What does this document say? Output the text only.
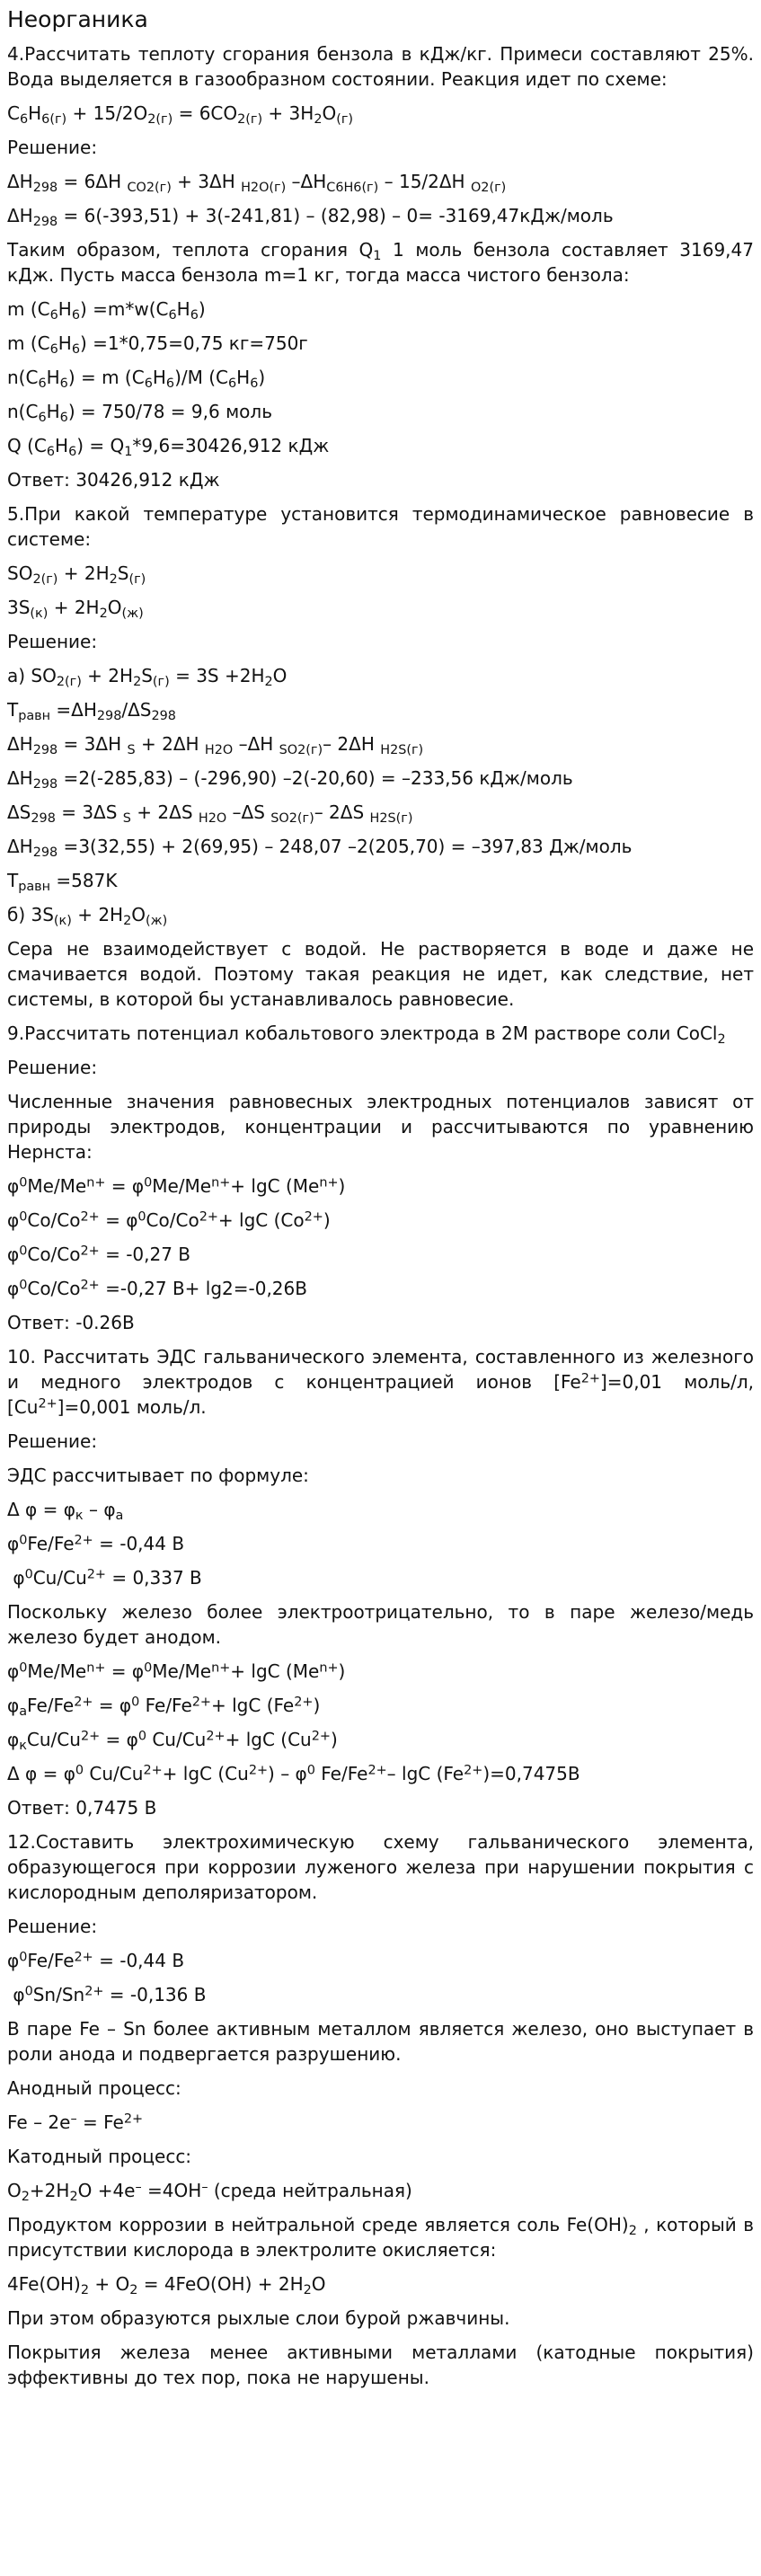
Неорганика

4.Рассчитать теплоту сгорания бензола в кДж/кг. Примеси составляют 25%. Вода выделяется в газообразном состоянии. Реакция идет по схеме:

$C_6H_{6(г)} + 15/2O_{2(г)} = 6CO_{2(г)} + 3H_2O_{(г)}$

Решение:

$\Delta H_{298} = 6\Delta H$ $_{CO2(г)}$ + 3ΔH $_{H2O(г)}$ $-\Delta H_{C6H6(г)} - 15/2\Delta H$ $_{O2(г)}$

$\Delta H_{298} = 6(-393,51) + 3(-241,81) - (82,98) - 0=$ -3169,47кДж/моль

Таким образом, теплота сгорания $Q_1$ 1 моль бензола составляет 3169,47 кДж. Пусть масса бензола m=1 кг, тогда масса чистого бензола:

m $(C_6H_6) =m*w(C_6H_6)$

m $(C_6H_6) =1*0,75=0,75$ кг=750г

$n(C_6H_6) = m$ $(C_6H_6)/M$ $(C_6H_6)$

$n(C_6H_6) = 750/78 = 9,6$ моль

Q $(C_6H_6) = Q_1*9,6=30426,912$ кДж

Ответ: 30426,912 кДж

5.При какой температуре установится термодинамическое равновесие в системе:

$SO_{2(г)} + 2H_2S_{(г)}$

$3S_{(к)} + 2H_2O_{(ж)}$

Решение:

а) $SO_{2(г)} + 2H_2S_{(г)} = 3S +2H_2O$

$T_{равн} =\Delta H_{298}/\Delta S_{298}$

$\Delta H_{298} = 3\Delta H$ $_S$ + 2ΔH $_{H2O}$ –ΔH $_{SO2(г)}$– 2ΔH $_{H2S(г)}$

$\Delta H_{298} =2(-285,83) - (-296,90) -2(-20,60) = -233,56$ кДж/моль

$\Delta S_{298} = 3\Delta S$ $_S$ + 2ΔS $_{H2O}$ –ΔS $_{SO2(г)}$– 2ΔS $_{H2S(г)}$

$\Delta H_{298} =3(32,55) + 2(69,95) - 248,07$ –2(205,70) = –397,83 Дж/моль

$T_{равн} =587K$

б) $3S_{(к)} + 2H_2O_{(ж)}$

Сера не взаимодействует с водой. Не растворяется в воде и даже не смачивается водой. Поэтому такая реакция не идет, как следствие, нет системы, в которой бы устанавливалось равновесие.

9.Рассчитать потенциал кобальтового электрода в 2М растворе соли CoCl$_2$

Решение:

Численные значения равновесных электродных потенциалов зависят от природы электродов, концентрации и рассчитываются по уравнению Нернста:

$\varphi^0Me/Me^{n+} = \varphi^0Me/Me^{n+}+ \lg C$ $(Me^{n+})$

$\varphi^0Co/Co^{2+} = \varphi^0Co/Co^{2+}+ \lg C$ $(Co^{2+})$

$\varphi^0Co/Co^{2+} = -0,27$ В

$\varphi^0Co/Co^{2+} =-0,27$ В+ lg2=-0,26В

Ответ: -0.26В

10. Рассчитать ЭДС гальванического элемента, составленного из железного и медного электродов с концентрацией ионов $[Fe^{2+}]=0,01$ моль/л, $[Cu^{2+}]=0,001$ моль/л.

Решение:

ЭДС рассчитывает по формуле:

Δ $\varphi = \varphi_к - \varphi_а$

$\varphi^0Fe/Fe^{2+} = -0,44$ В

$\varphi^0Cu/Cu^{2+} = 0,337$ В

Поскольку железо более электроотрицательно, то в паре железо/медь железо будет анодом.

$\varphi^0Me/Me^{n+} = \varphi^0Me/Me^{n+}+ \lg C$ $(Me^{n+})$

$\varphi_аFe/Fe^{2+} = \varphi^0$ $Fe/Fe^{2+}+ \lg C$ $(Fe^{2+})$

$\varphi_кCu/Cu^{2+} = \varphi^0$ $Cu/Cu^{2+}+ \lg C$ $(Cu^{2+})$

Δ $\varphi = \varphi^0$ $Cu/Cu^{2+}+ \lg C$ $(Cu^{2+}) - \varphi^0$ $Fe/Fe^{2+}-$ lgC $(Fe^{2+})=0,7475В$

Ответ: 0,7475 В

12.Составить электрохимическую схему гальванического элемента, образующегося при коррозии луженого железа при нарушении покрытия с кислородным деполяризатором.

Решение:

$\varphi^0Fe/Fe^{2+} = -0,44$ В

$\varphi^0Sn/Sn^{2+} = -0,136$ В

В паре Fe – Sn более активным металлом является железо, оно выступает в роли анода и подвергается разрушению.

Анодный процесс:

$Fe - 2e^- = Fe^{2+}$

Катодный процесс:

$O_2+2H_2O +4e^- =4OH^-$ (среда нейтральная)

Продуктом коррозии в нейтральной среде является соль $Fe(OH)_2$ , который в присутствии кислорода в электролите окисляется:

$4Fe(OH)_2 + O_2 = 4FeO(OH) + 2H_2O$

При этом образуются рыхлые слои бурой ржавчины.

Покрытия железа менее активными металлами (катодные покрытия) эффективны до тех пор, пока не нарушены.
